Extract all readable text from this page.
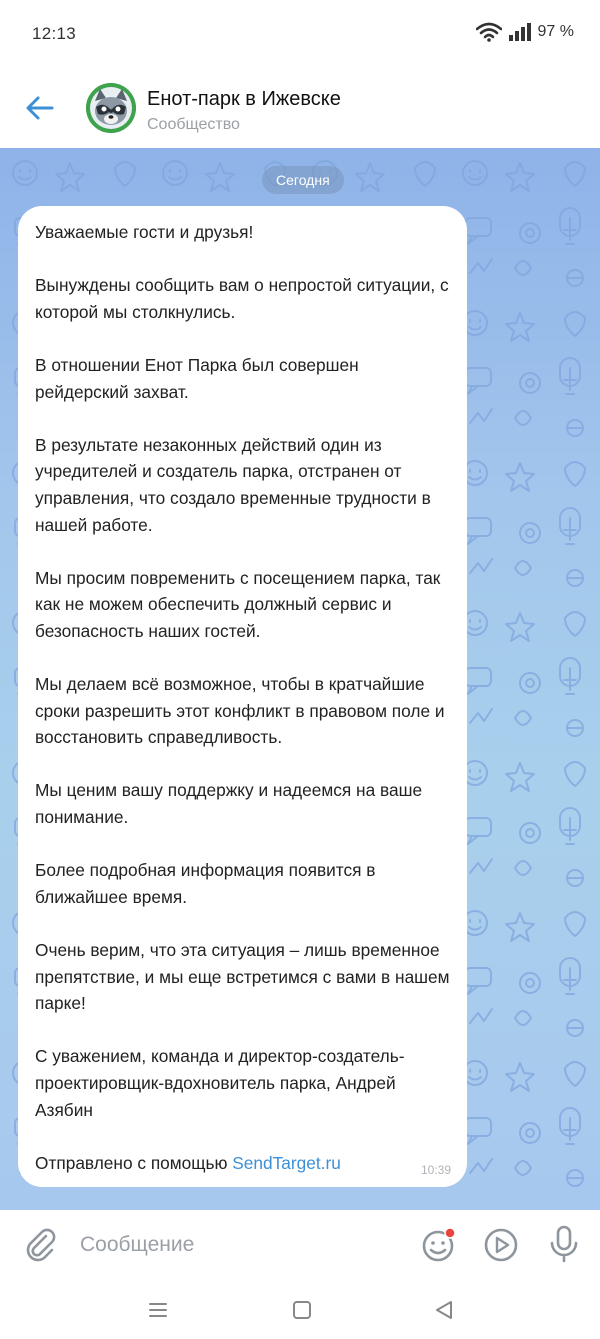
12:13	97 %
Енот-парк в Ижевске
Сообщество
Сегодня

Уважаемые гости и друзья!

Вынуждены сообщить вам о непростой ситуации, с которой мы столкнулись.

В отношении Енот Парка был совершен рейдерский захват.

В результате незаконных действий один из учредителей и создатель парка, отстранен от управления, что создало временные трудности в нашей работе.

Мы просим повременить с посещением парка, так как не можем обеспечить должный сервис и безопасность наших гостей.

Мы делаем всё возможное, чтобы в кратчайшие сроки разрешить этот конфликт в правовом поле и восстановить справедливость.

Мы ценим вашу поддержку и надеемся на ваше понимание.

Более подробная информация появится в ближайшее время.

Очень верим, что эта ситуация – лишь временное препятствие, и мы еще встретимся с вами в нашем парке!

С уважением, команда и директор-создатель-проектировщик-вдохновитель парка, Андрей Азябин

Отправлено с помощью SendTarget.ru	10:39
Сообщение
